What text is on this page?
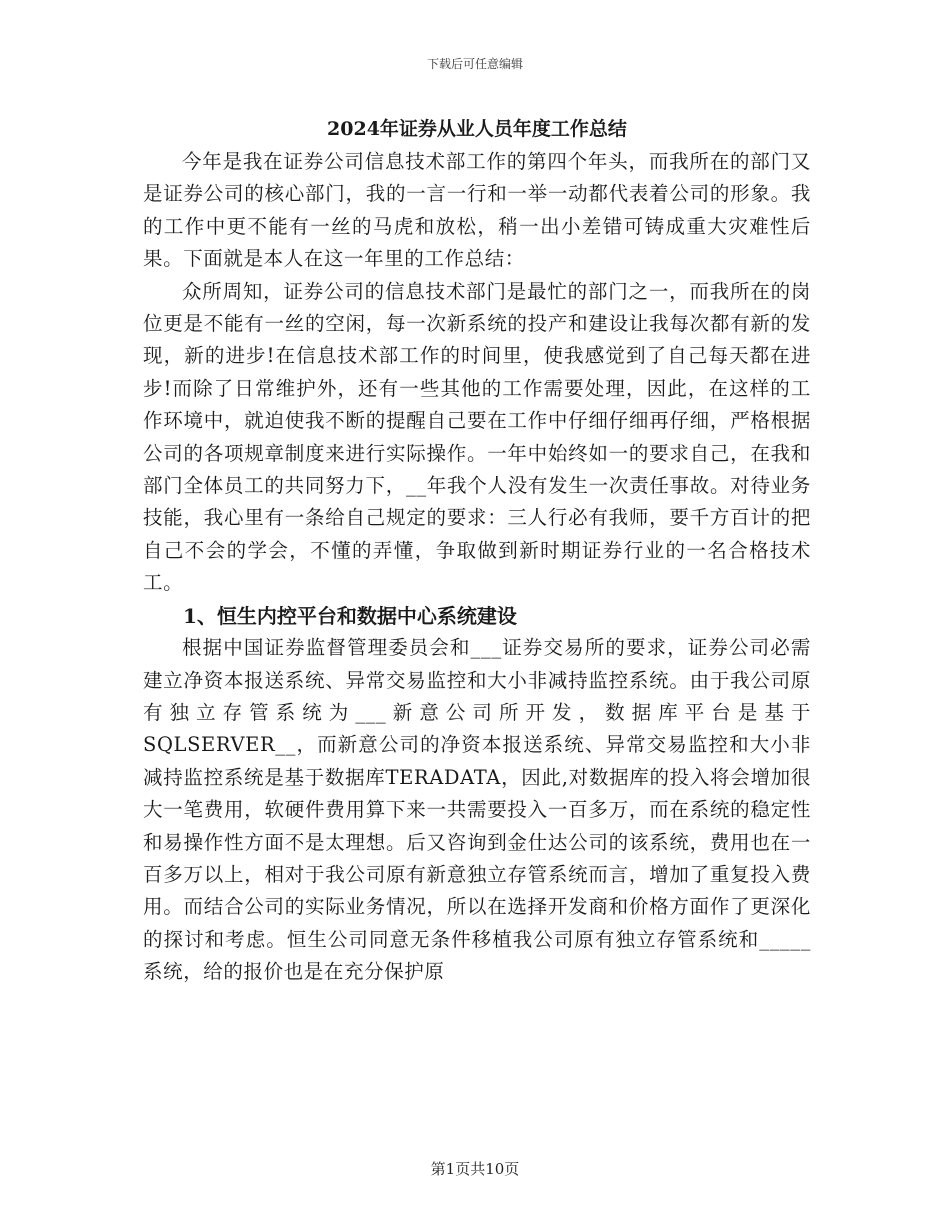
下载后可任意编辑
2024年证券从业人员年度工作总结

今年是我在证券公司信息技术部工作的第四个年头，而我所在的部门又是证券公司的核心部门，我的一言一行和一举一动都代表着公司的形象。我的工作中更不能有一丝的马虎和放松，稍一出小差错可铸成重大灾难性后果。下面就是本人在这一年里的工作总结：

众所周知，证券公司的信息技术部门是最忙的部门之一，而我所在的岗位更是不能有一丝的空闲，每一次新系统的投产和建设让我每次都有新的发现，新的进步!在信息技术部工作的时间里，使我感觉到了自己每天都在进步!而除了日常维护外，还有一些其他的工作需要处理，因此，在这样的工作环境中，就迫使我不断的提醒自己要在工作中仔细仔细再仔细，严格根据公司的各项规章制度来进行实际操作。一年中始终如一的要求自己，在我和部门全体员工的共同努力下，__年我个人没有发生一次责任事故。对待业务技能，我心里有一条给自己规定的要求：三人行必有我师，要千方百计的把自己不会的学会，不懂的弄懂，争取做到新时期证券行业的一名合格技术工。

1、恒生内控平台和数据中心系统建设

根据中国证券监督管理委员会和___证券交易所的要求，证券公司必需建立净资本报送系统、异常交易监控和大小非减持监控系统。由于我公司原有独立存管系统为___新意公司所开发，数据库平台是基于SQLSERVER__，而新意公司的净资本报送系统、异常交易监控和大小非减持监控系统是基于数据库TERADATA，因此,对数据库的投入将会增加很大一笔费用，软硬件费用算下来一共需要投入一百多万，而在系统的稳定性和易操作性方面不是太理想。后又咨询到金仕达公司的该系统，费用也在一百多万以上，相对于我公司原有新意独立存管系统而言，增加了重复投入费用。而结合公司的实际业务情况，所以在选择开发商和价格方面作了更深化的探讨和考虑。恒生公司同意无条件移植我公司原有独立存管系统和_____系统，给的报价也是在充分保护原

第1页共10页
